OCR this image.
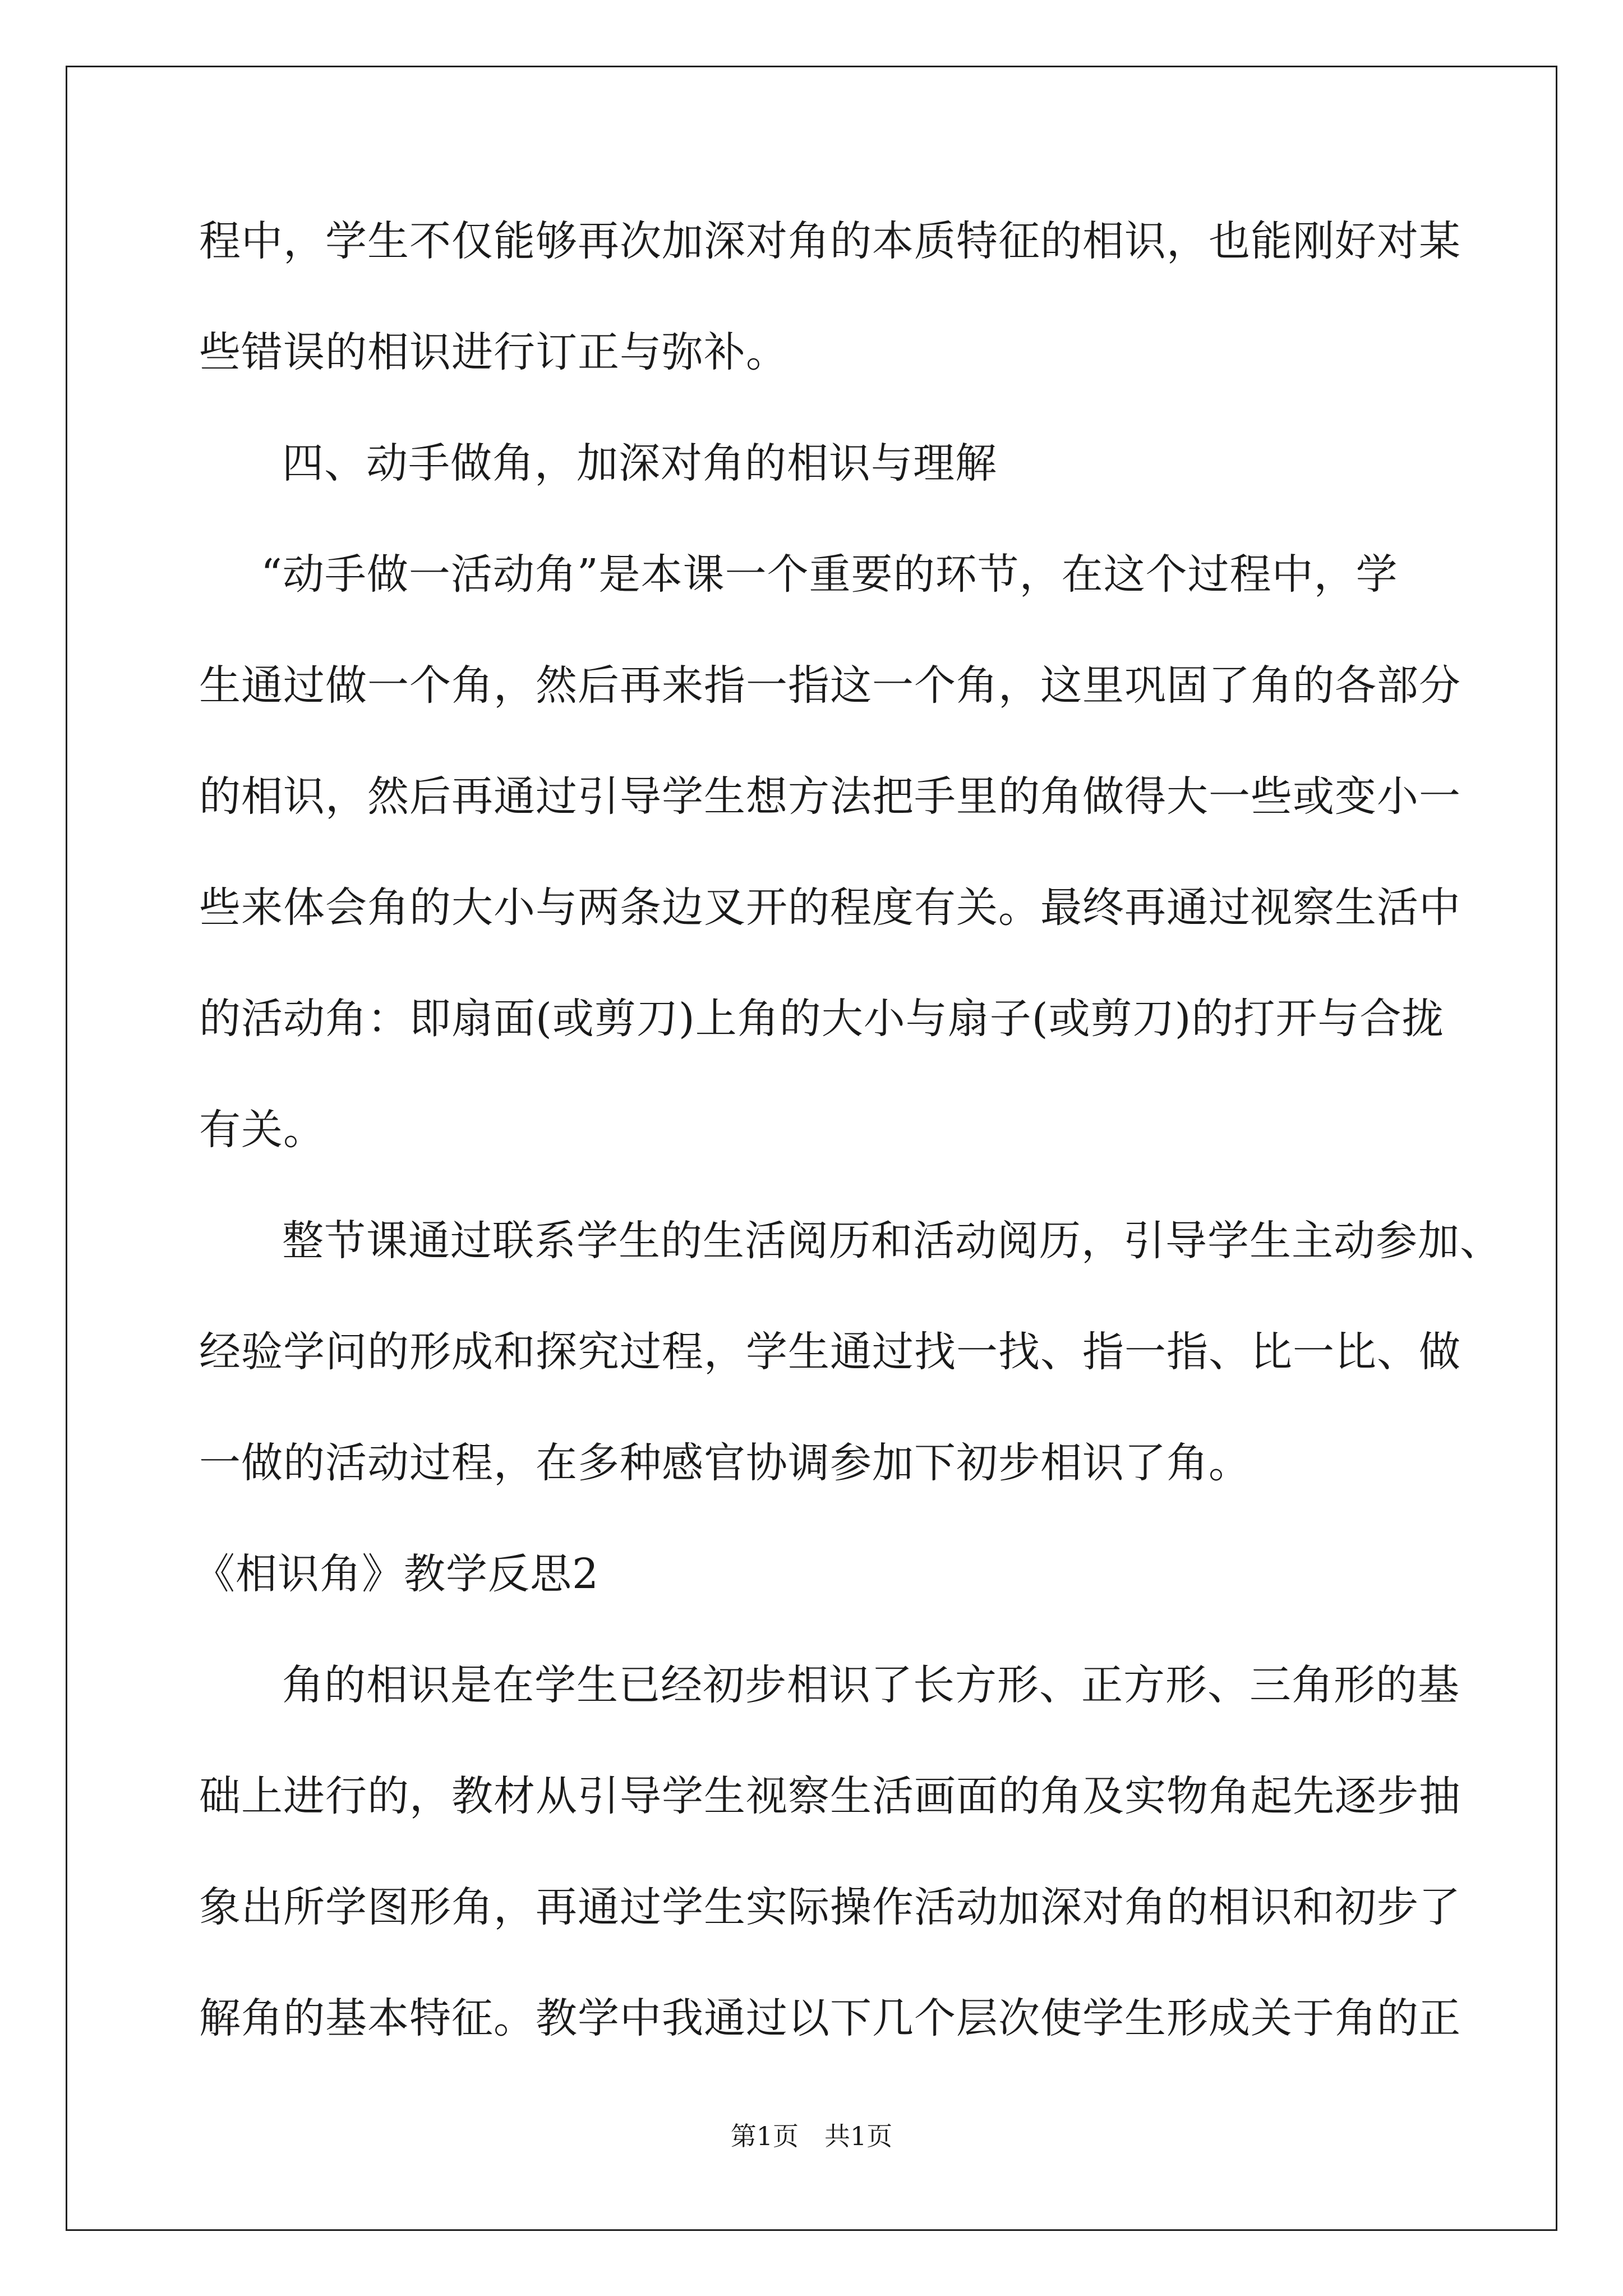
程中，学生不仅能够再次加深对角的本质特征的相识，也能刚好对某
些错误的相识进行订正与弥补。
四、动手做角，加深对角的相识与理解
“动手做一活动角”是本课一个重要的环节，在这个过程中，学
生通过做一个角，然后再来指一指这一个角，这里巩固了角的各部分
的相识，然后再通过引导学生想方法把手里的角做得大一些或变小一
些来体会角的大小与两条边叉开的程度有关。最终再通过视察生活中
的活动角：即扇面(或剪刀)上角的大小与扇子(或剪刀)的打开与合拢
有关。
整节课通过联系学生的生活阅历和活动阅历，引导学生主动参加、
经验学问的形成和探究过程，学生通过找一找、指一指、比一比、做
一做的活动过程，在多种感官协调参加下初步相识了角。
《相识角》教学反思2
角的相识是在学生已经初步相识了长方形、正方形、三角形的基
础上进行的，教材从引导学生视察生活画面的角及实物角起先逐步抽
象出所学图形角，再通过学生实际操作活动加深对角的相识和初步了
解角的基本特征。教学中我通过以下几个层次使学生形成关于角的正
第1页 共1页
